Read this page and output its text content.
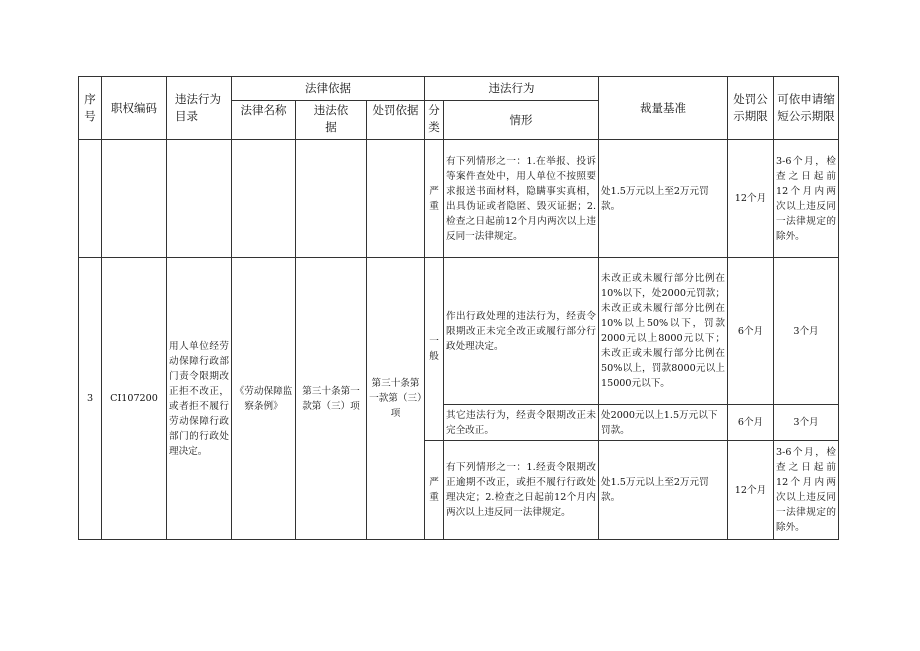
序号	职权编码	违法行为目录	法律依据			违法行为		裁量基准	处罚公示期限	可依申请缩短公示期限
			法律名称	违法依据	处罚依据	分类	情形			
						严重	有下列情形之一：1.在举报、投诉等案件查处中，用人单位不按照要求报送书面材料，隐瞒事实真相，出具伪证或者隐匿、毁灭证据；2.检查之日起前12个月内两次以上违反同一法律规定。	处1.5万元以上至2万元罚款。	12个月	3-6个月，检查之日起前12个月内两次以上违反同一法律规定的除外。
3	CI107200	用人单位经劳动保障行政部门责令限期改正拒不改正，或者拒不履行劳动保障行政部门的行政处理决定。	《劳动保障监察条例》	第三十条第一款第（三）项	第三十条第一款第（三）项	一般	作出行政处理的违法行为，经责令限期改正未完全改正或履行部分行政处理决定。	未改正或未履行部分比例在10%以下，处2000元罚款；未改正或未履行部分比例在10%以上50%以下，罚款2000元以上8000元以下；未改正或未履行部分比例在50%以上，罚款8000元以上15000元以下。	6个月	3个月
							其它违法行为，经责令限期改正未完全改正。	处2000元以上1.5万元以下罚款。	6个月	3个月
						严重	有下列情形之一：1.经责令限期改正逾期不改正，或拒不履行行政处理决定；2.检查之日起前12个月内两次以上违反同一法律规定。	处1.5万元以上至2万元罚款。	12个月	3-6个月，检查之日起前12个月内两次以上违反同一法律规定的除外。
